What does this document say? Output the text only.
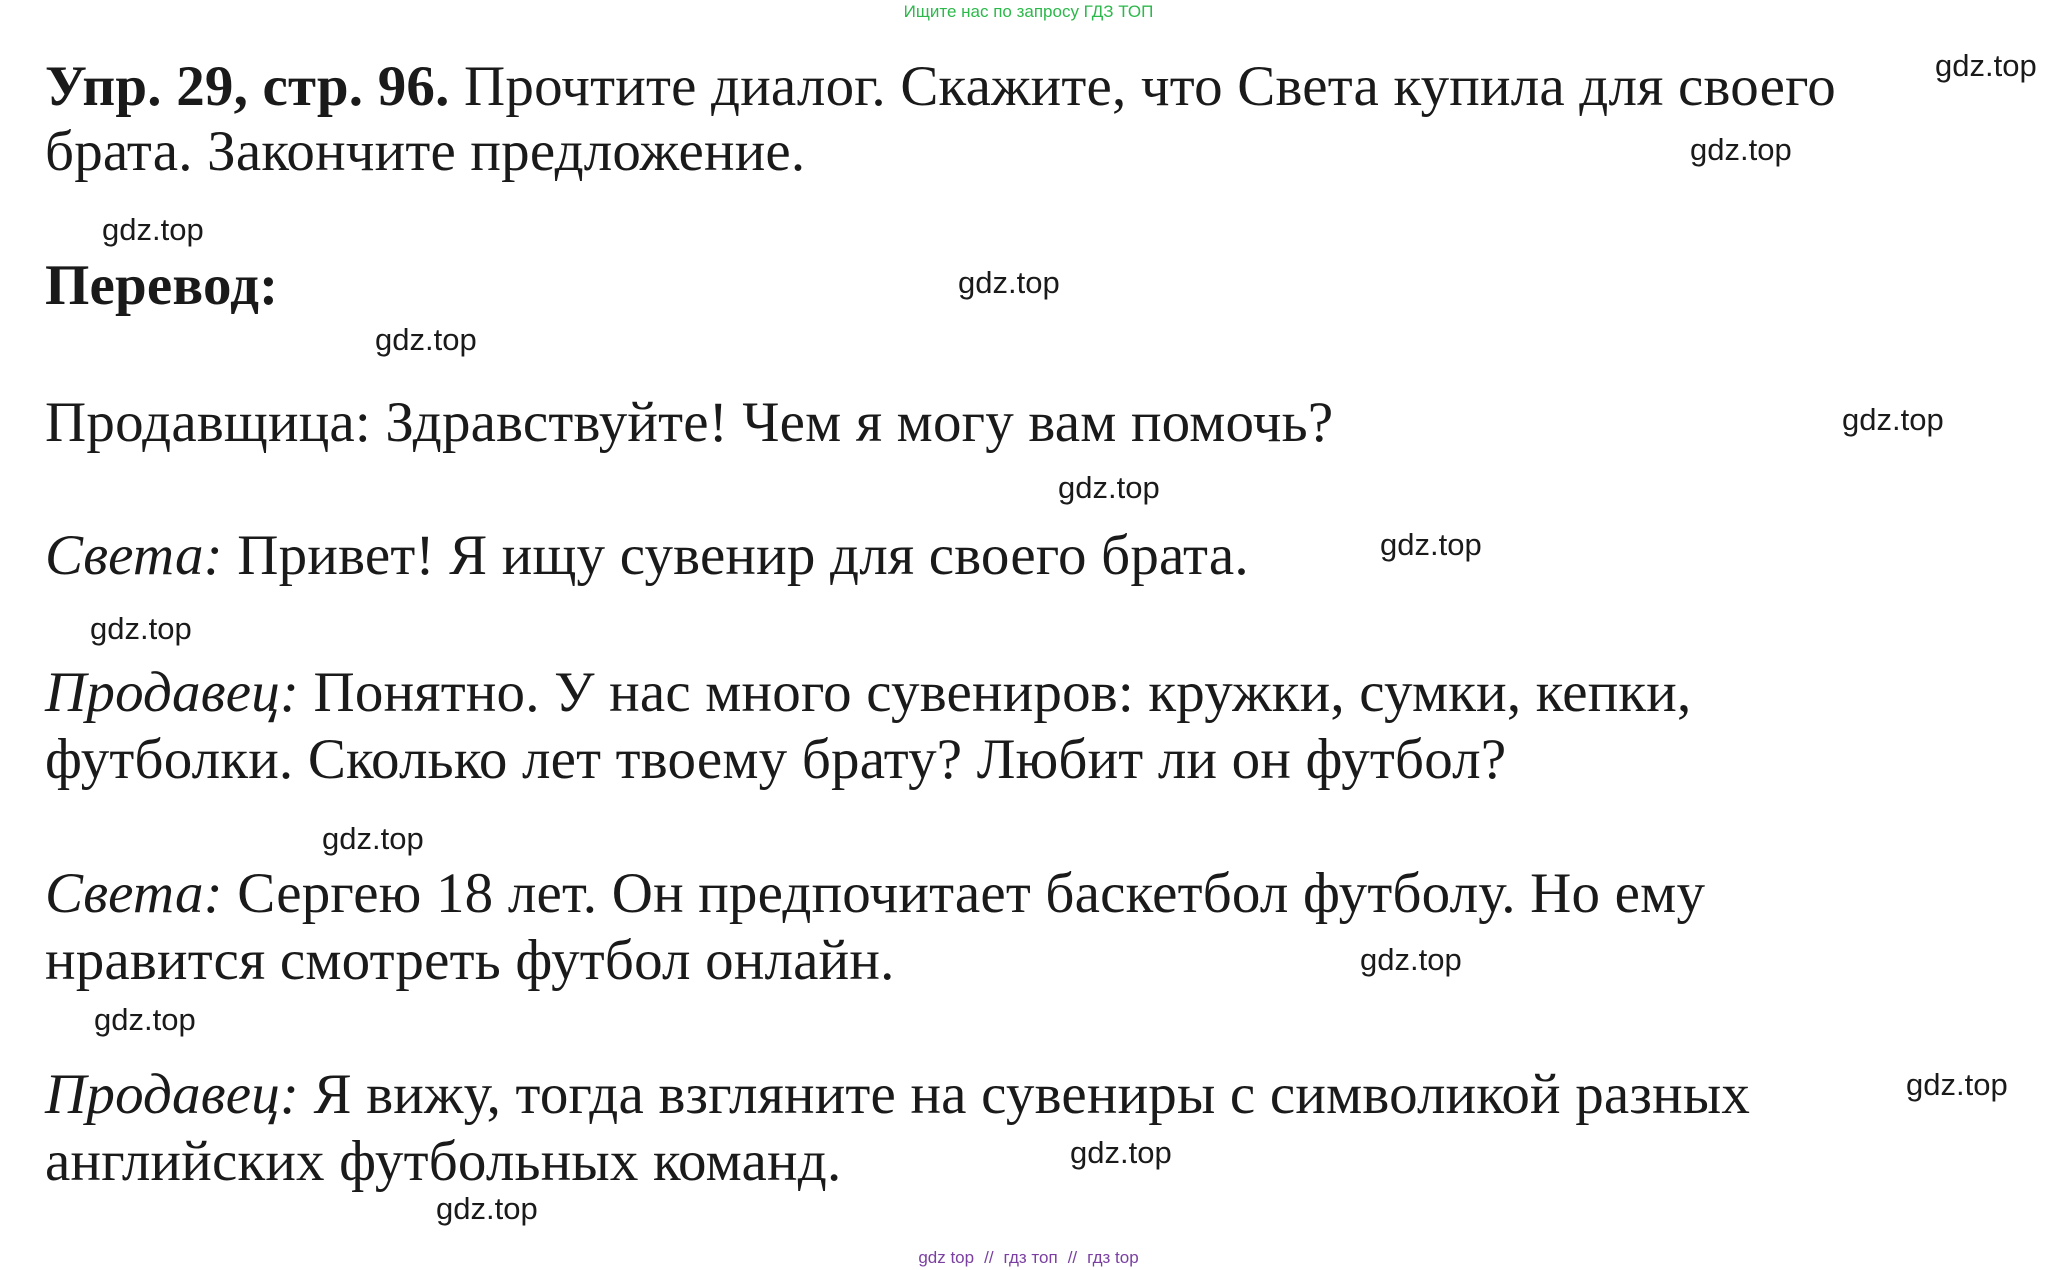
Ищите нас по запросу ГДЗ ТОП
Упр. 29, стр. 96. Прочтите диалог. Скажите, что Света купила для своего
брата. Закончите предложение.
Перевод:
Продавщица: Здравствуйте! Чем я могу вам помочь?
Света: Привет! Я ищу сувенир для своего брата.
Продавец: Понятно. У нас много сувениров: кружки, сумки, кепки,
футболки. Сколько лет твоему брату? Любит ли он футбол?
Света: Сергею 18 лет. Он предпочитает баскетбол футболу. Но ему
нравится смотреть футбол онлайн.
Продавец: Я вижу, тогда взгляните на сувениры с символикой разных
английских футбольных команд.
gdz.top
gdz.top
gdz.top
gdz.top
gdz.top
gdz.top
gdz.top
gdz.top
gdz.top
gdz.top
gdz.top
gdz.top
gdz.top
gdz.top
gdz.top
gdz top // гдз топ // гдз top
